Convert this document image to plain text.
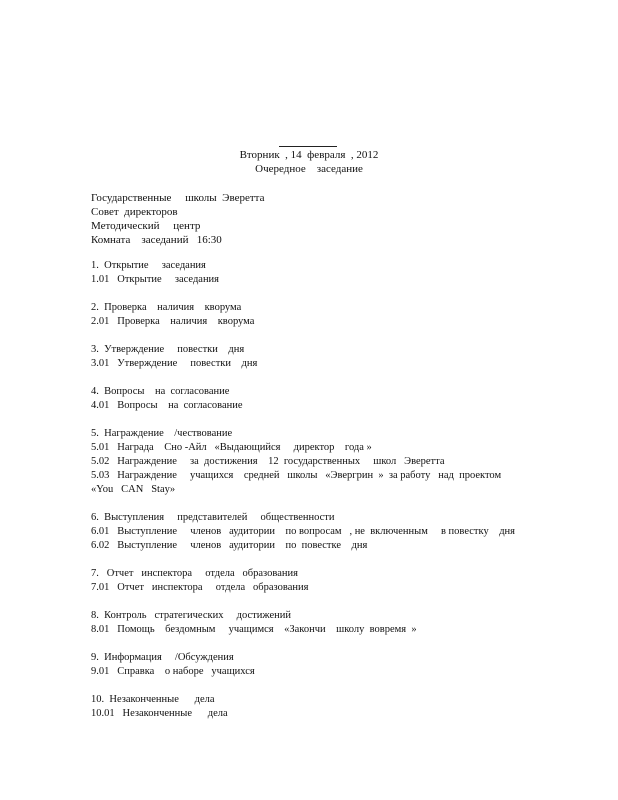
Вторник  , 14  февраля  , 2012
Очередное    заседание
Государственные     школы  Эверетта
Совет  директоров
Методический     центр
Комната    заседаний   16:30
1.  Открытие     заседания
1.01   Открытие     заседания
2.  Проверка    наличия    кворума
2.01   Проверка    наличия    кворума
3.  Утверждение     повестки    дня
3.01   Утверждение     повестки    дня
4.  Вопросы    на  согласование
4.01   Вопросы    на  согласование
5.  Награждение    /чествование
5.01   Награда    Сно -Айл   «Выдающийся     директор    года »
5.02   Награждение     за  достижения    12  государственных     школ   Эверетта
5.03   Награждение     учащихся    средней   школы   «Эвергрин  »  за работу   над  проектом
«You   CAN   Stay»
6.  Выступления     представителей     общественности
6.01   Выступление     членов   аудитории    по вопросам   , не  включенным     в повестку    дня
6.02   Выступление     членов   аудитории    по  повестке    дня
7.   Отчет   инспектора     отдела   образования
7.01   Отчет   инспектора     отдела   образования
8.  Контроль   стратегических     достижений
8.01   Помощь    бездомным     учащимся    «Закончи    школу  вовремя  »
9.  Информация     /Обсуждения
9.01   Справка    о наборе   учащихся
10.  Незаконченные      дела
10.01   Незаконченные      дела
